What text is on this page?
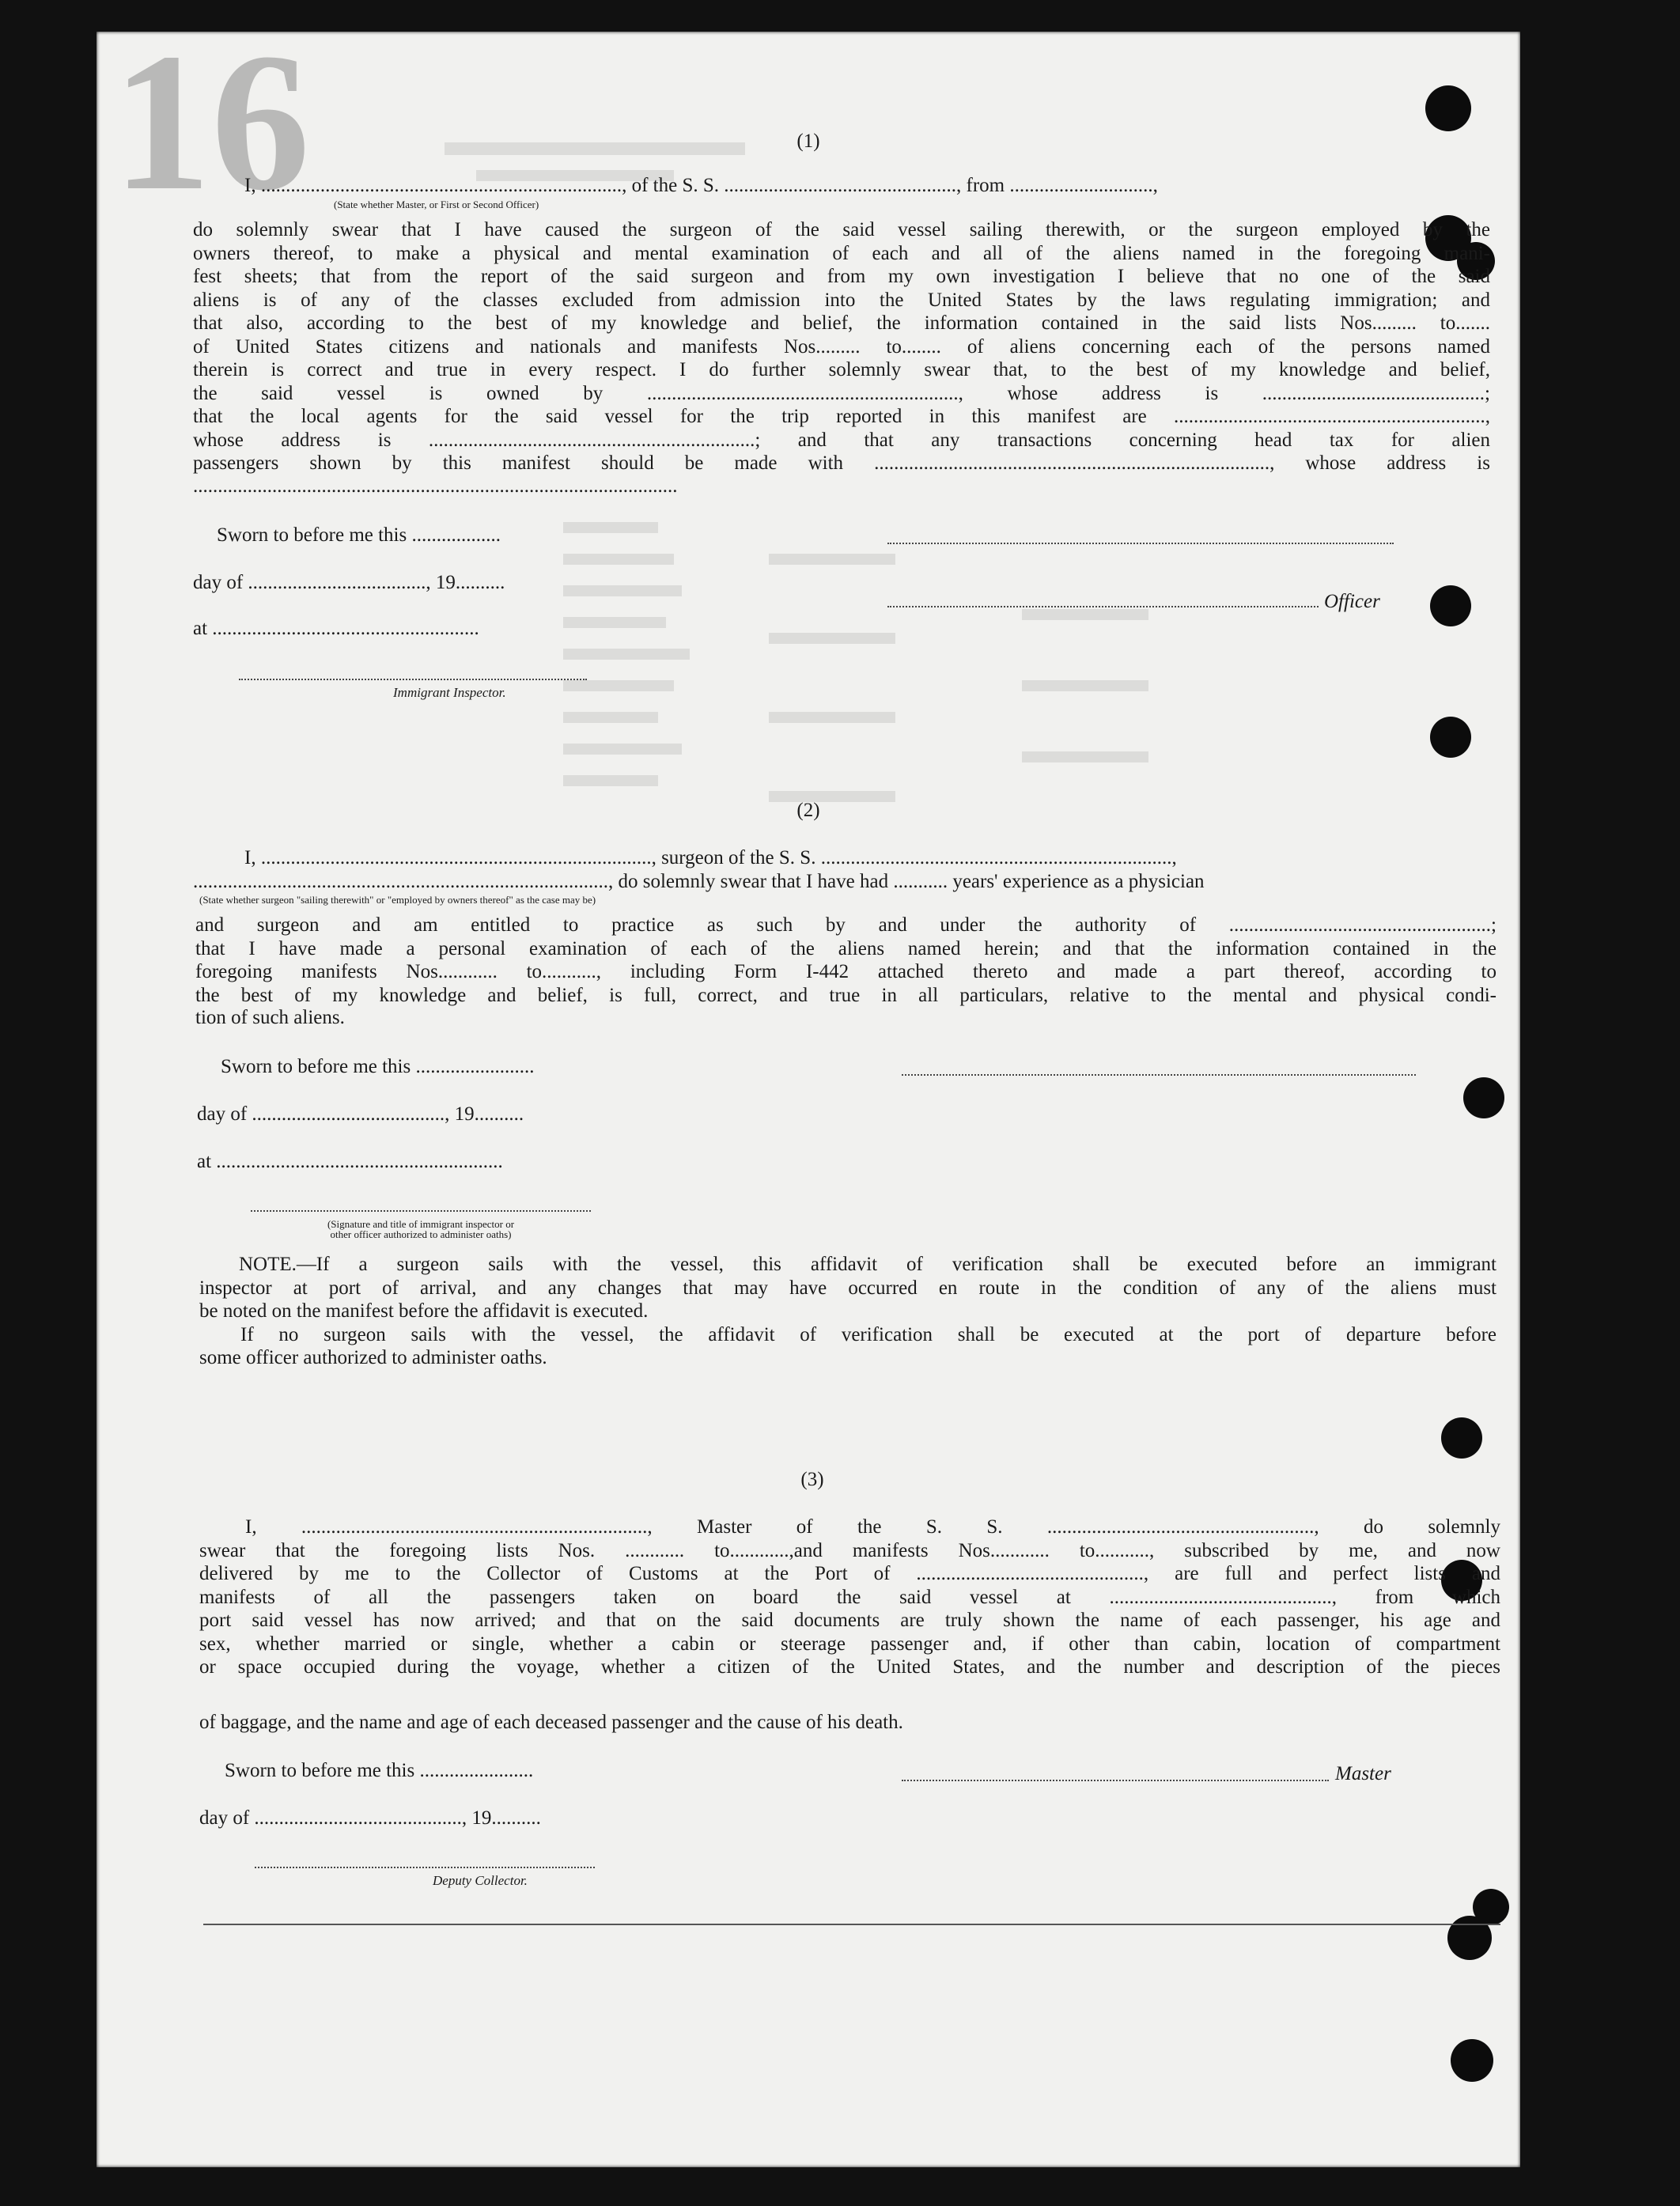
16	(1)
I, ........................................................................., of the S. S. ..............................................., from .............................,
(State whether Master, or First or Second Officer)
do solemnly swear that I have caused the surgeon of the said vessel sailing therewith, or the surgeon employed by the
owners thereof, to make a physical and mental examination of each and all of the aliens named in the foregoing mani-
fest sheets; that from the report of the said surgeon and from my own investigation I believe that no one of the said
aliens is of any of the classes excluded from admission into the United States by the laws regulating immigration; and
that also, according to the best of my knowledge and belief, the information contained in the said lists Nos......... to.......
of United States citizens and nationals and manifests Nos......... to........ of aliens concerning each of the persons named
therein is correct and true in every respect. I do further solemnly swear that, to the best of my knowledge and belief,
the said vessel is owned by ..............................................................., whose address is .............................................;
that the local agents for the said vessel for the trip reported in this manifest are ...............................................................,
whose address is ..................................................................; and that any transactions concerning head tax for alien
passengers shown by this manifest should be made with ................................................................................, whose address is
..................................................................................................
Sworn to before me this ..................
day of ...................................., 19..........
Officer
at ......................................................
Immigrant Inspector.
(2)
I, ..............................................................................., surgeon of the S. S. .......................................................................,
...................................................................................., do solemnly swear that I have had ........... years' experience as a physician
(State whether surgeon "sailing therewith" or "employed by owners thereof" as the case may be)
and surgeon and am entitled to practice as such by and under the authority of .....................................................;
that I have made a personal examination of each of the aliens named herein; and that the information contained in the
foregoing manifests Nos............ to..........., including Form I-442 attached thereto and made a part thereof, according to
the best of my knowledge and belief, is full, correct, and true in all particulars, relative to the mental and physical condi-
tion of such aliens.
Sworn to before me this ........................
day of ......................................., 19..........
at ..........................................................
(Signature and title of immigrant inspector or
other officer authorized to administer oaths)
NOTE.—If a surgeon sails with the vessel, this affidavit of verification shall be executed before an immigrant
inspector at port of arrival, and any changes that may have occurred en route in the condition of any of the aliens must
be noted on the manifest before the affidavit is executed.
If no surgeon sails with the vessel, the affidavit of verification shall be executed at the port of departure before
some officer authorized to administer oaths.
(3)
I, ......................................................................, Master of the S. S. ......................................................, do solemnly
swear that the foregoing lists Nos. ............ to............,and manifests Nos............ to..........., subscribed by me, and now
delivered by me to the Collector of Customs at the Port of .............................................., are full and perfect lists and
manifests of all the passengers taken on board the said vessel at ............................................., from which
port said vessel has now arrived; and that on the said documents are truly shown the name of each passenger, his age and
sex, whether married or single, whether a cabin or steerage passenger and, if other than cabin, location of compartment
or space occupied during the voyage, whether a citizen of the United States, and the number and description of the pieces
of baggage, and the name and age of each deceased passenger and the cause of his death.
Sworn to before me this .......................	Master
day of .........................................., 19..........
Deputy Collector.
